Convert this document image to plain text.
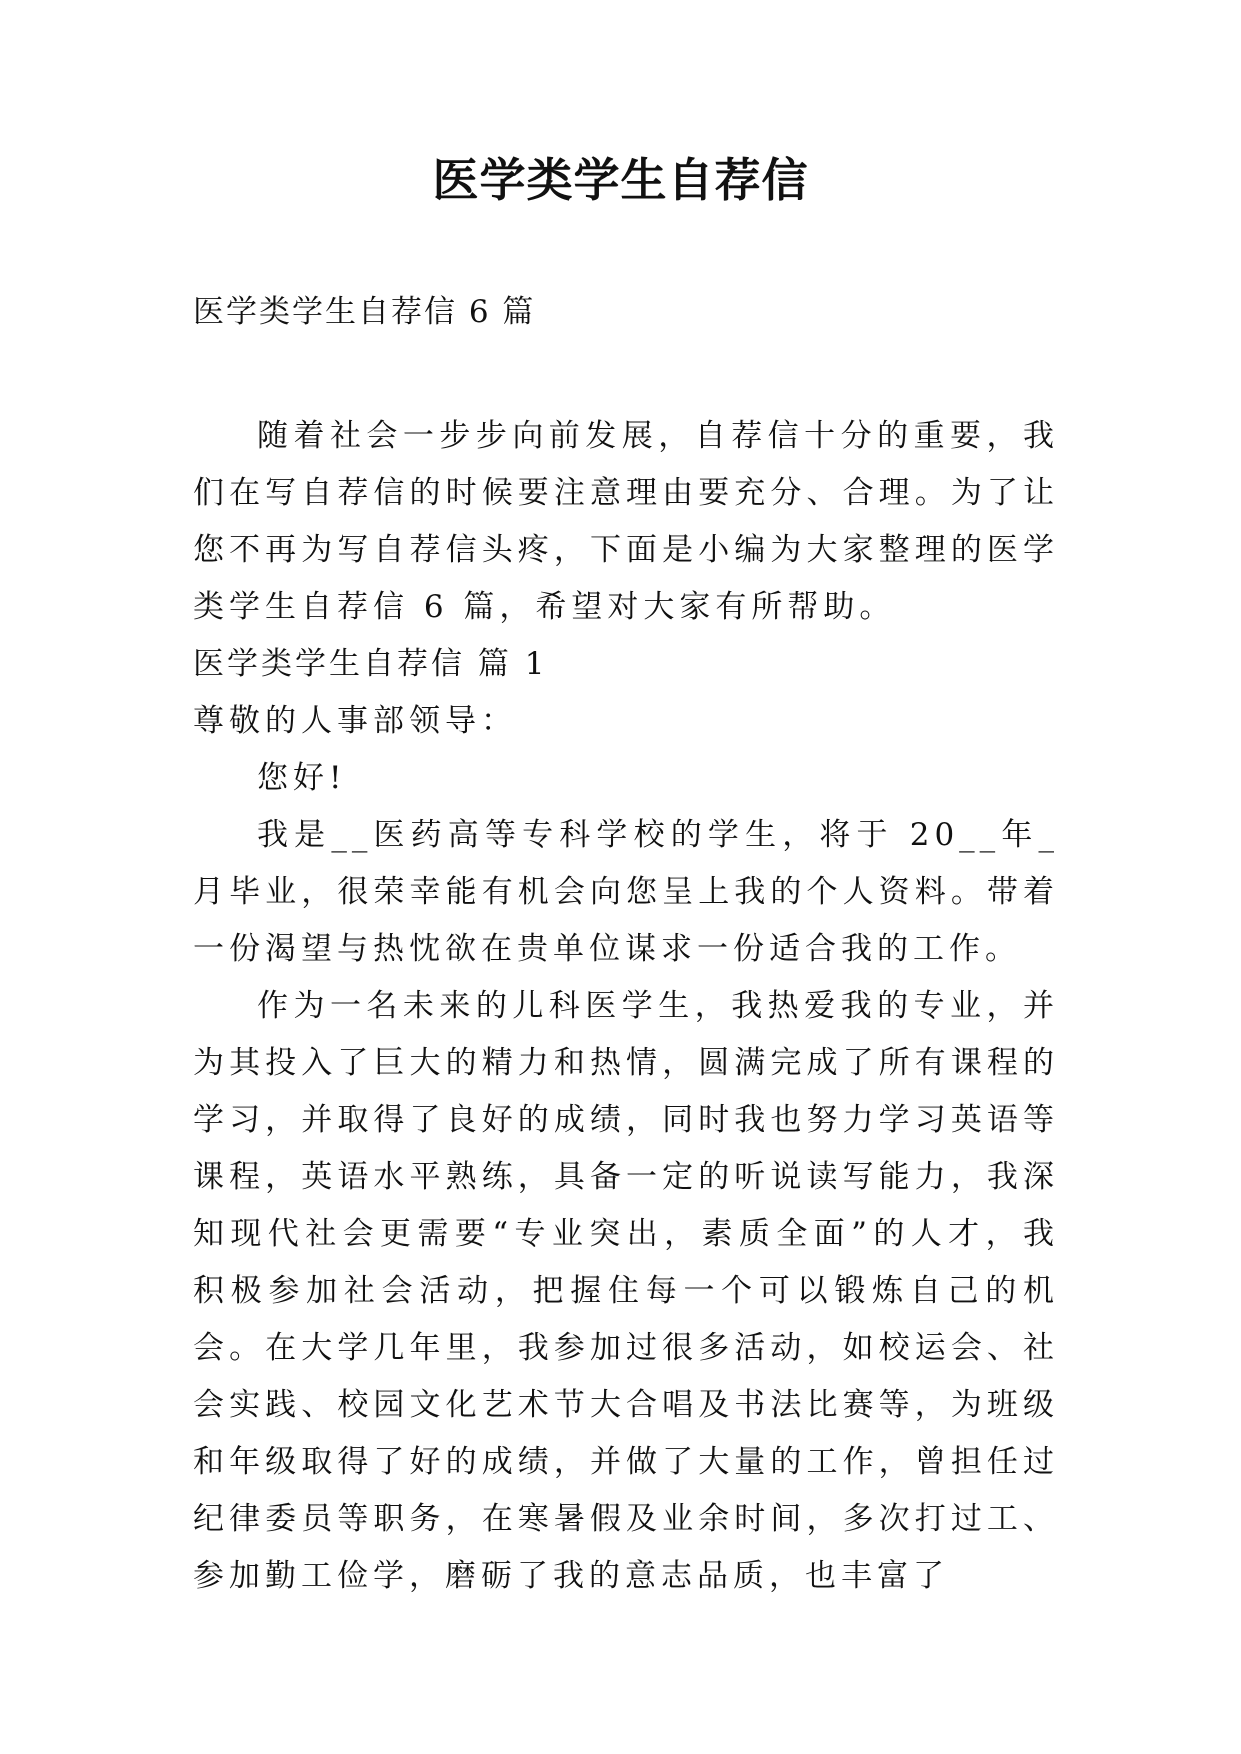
医学类学生自荐信

医学类学生自荐信 6 篇

随着社会一步步向前发展，自荐信十分的重要，我们在写自荐信的时候要注意理由要充分、合理。为了让您不再为写自荐信头疼，下面是小编为大家整理的医学类学生自荐信 6 篇，希望对大家有所帮助。

医学类学生自荐信 篇 1

尊敬的人事部领导：

您好!

我是__医药高等专科学校的学生，将于 20__年_月毕业，很荣幸能有机会向您呈上我的个人资料。带着一份渴望与热忱欲在贵单位谋求一份适合我的工作。

作为一名未来的儿科医学生，我热爱我的专业，并为其投入了巨大的精力和热情，圆满完成了所有课程的学习，并取得了良好的成绩，同时我也努力学习英语等课程，英语水平熟练，具备一定的听说读写能力，我深知现代社会更需要“专业突出，素质全面”的人才，我积极参加社会活动，把握住每一个可以锻炼自己的机会。在大学几年里，我参加过很多活动，如校运会、社会实践、校园文化艺术节大合唱及书法比赛等，为班级和年级取得了好的成绩，并做了大量的工作，曾担任过纪律委员等职务，在寒暑假及业余时间，多次打过工、参加勤工俭学，磨砺了我的意志品质，也丰富了
